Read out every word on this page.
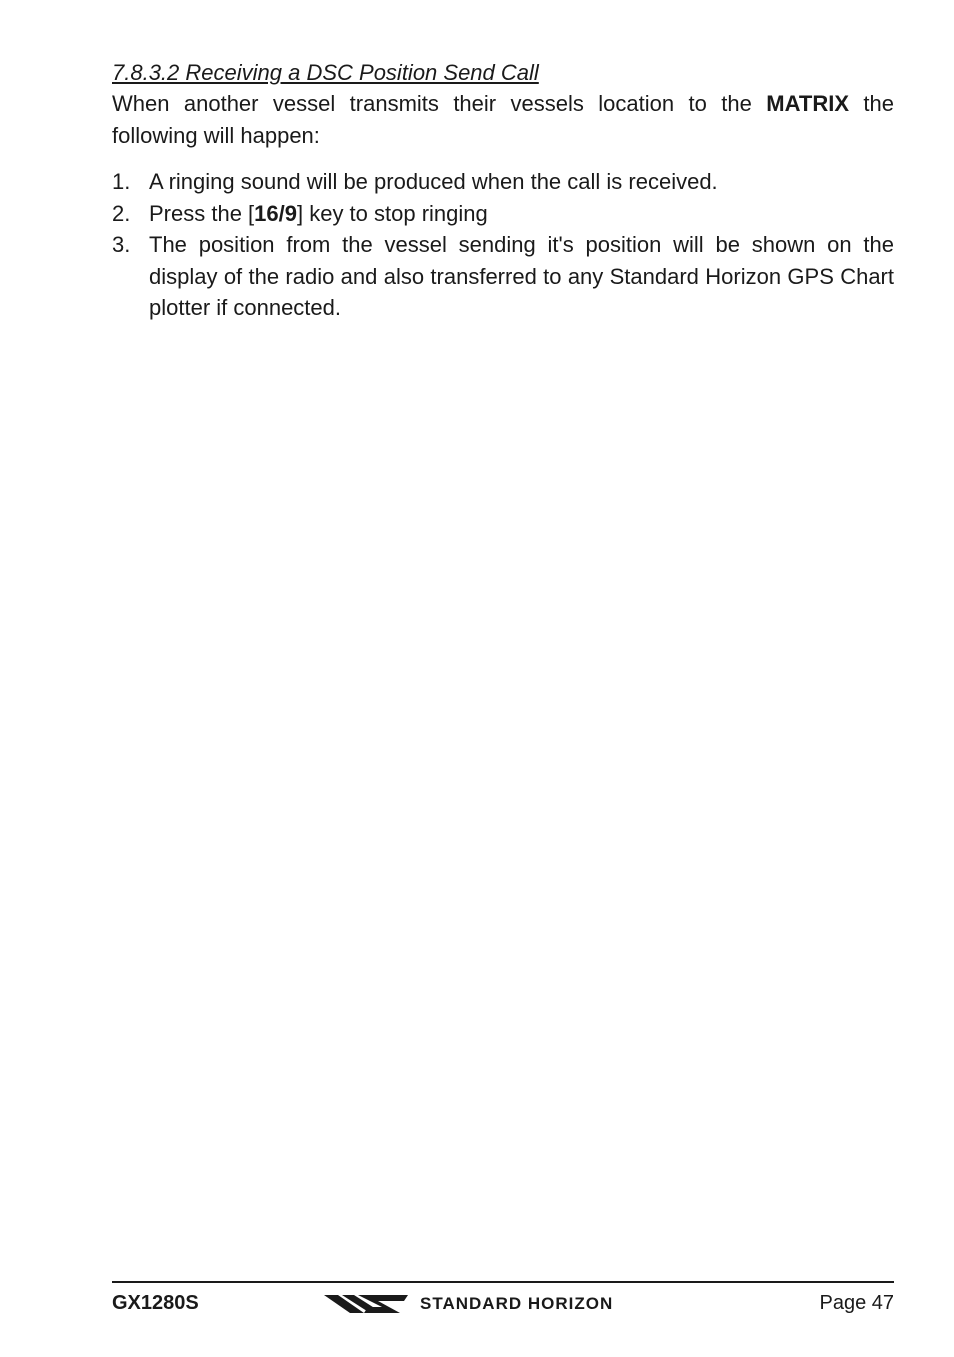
7.8.3.2 Receiving a DSC Position Send Call

When another vessel transmits their vessels location to the MATRIX the following will happen:

1. A ringing sound will be produced when the call is received.
2. Press the [16/9] key to stop ringing
3. The position from the vessel sending it's position will be shown on the display of the radio and also transferred to any Standard Horizon GPS Chart plotter if connected.
GX1280S	STANDARD HORIZON	Page 47
